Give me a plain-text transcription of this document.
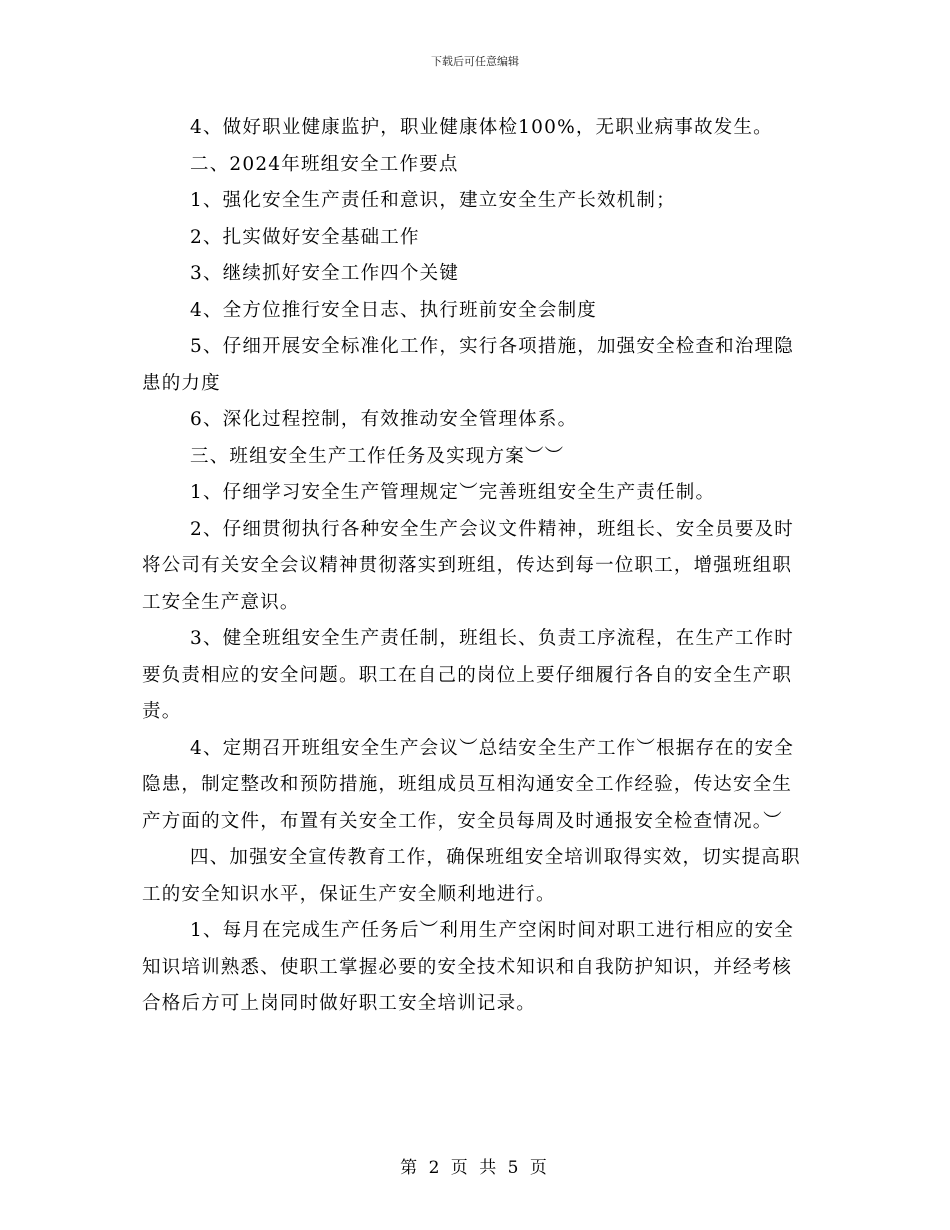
下载后可任意编辑

4、做好职业健康监护，职业健康体检100%，无职业病事故发生。

二、2024年班组安全工作要点

1、强化安全生产责任和意识，建立安全生产长效机制；

2、扎实做好安全基础工作

3、继续抓好安全工作四个关键

4、全方位推行安全日志、执行班前安全会制度

5、仔细开展安全标准化工作，实行各项措施，加强安全检查和治理隐患的力度

6、深化过程控制，有效推动安全管理体系。

三、班组安全生产工作任务及实现方案︶︶

1、仔细学习安全生产管理规定︶完善班组安全生产责任制。

2、仔细贯彻执行各种安全生产会议文件精神，班组长、安全员要及时将公司有关安全会议精神贯彻落实到班组，传达到每一位职工，增强班组职工安全生产意识。

3、健全班组安全生产责任制，班组长、负责工序流程，在生产工作时要负责相应的安全问题。职工在自己的岗位上要仔细履行各自的安全生产职责。

4、定期召开班组安全生产会议︶总结安全生产工作︶根据存在的安全隐患，制定整改和预防措施，班组成员互相沟通安全工作经验，传达安全生产方面的文件，布置有关安全工作，安全员每周及时通报安全检查情况。︶

四、加强安全宣传教育工作，确保班组安全培训取得实效，切实提高职工的安全知识水平，保证生产安全顺利地进行。

1、每月在完成生产任务后︶利用生产空闲时间对职工进行相应的安全知识培训熟悉、使职工掌握必要的安全技术知识和自我防护知识，并经考核合格后方可上岗同时做好职工安全培训记录。

第 2 页 共 5 页
